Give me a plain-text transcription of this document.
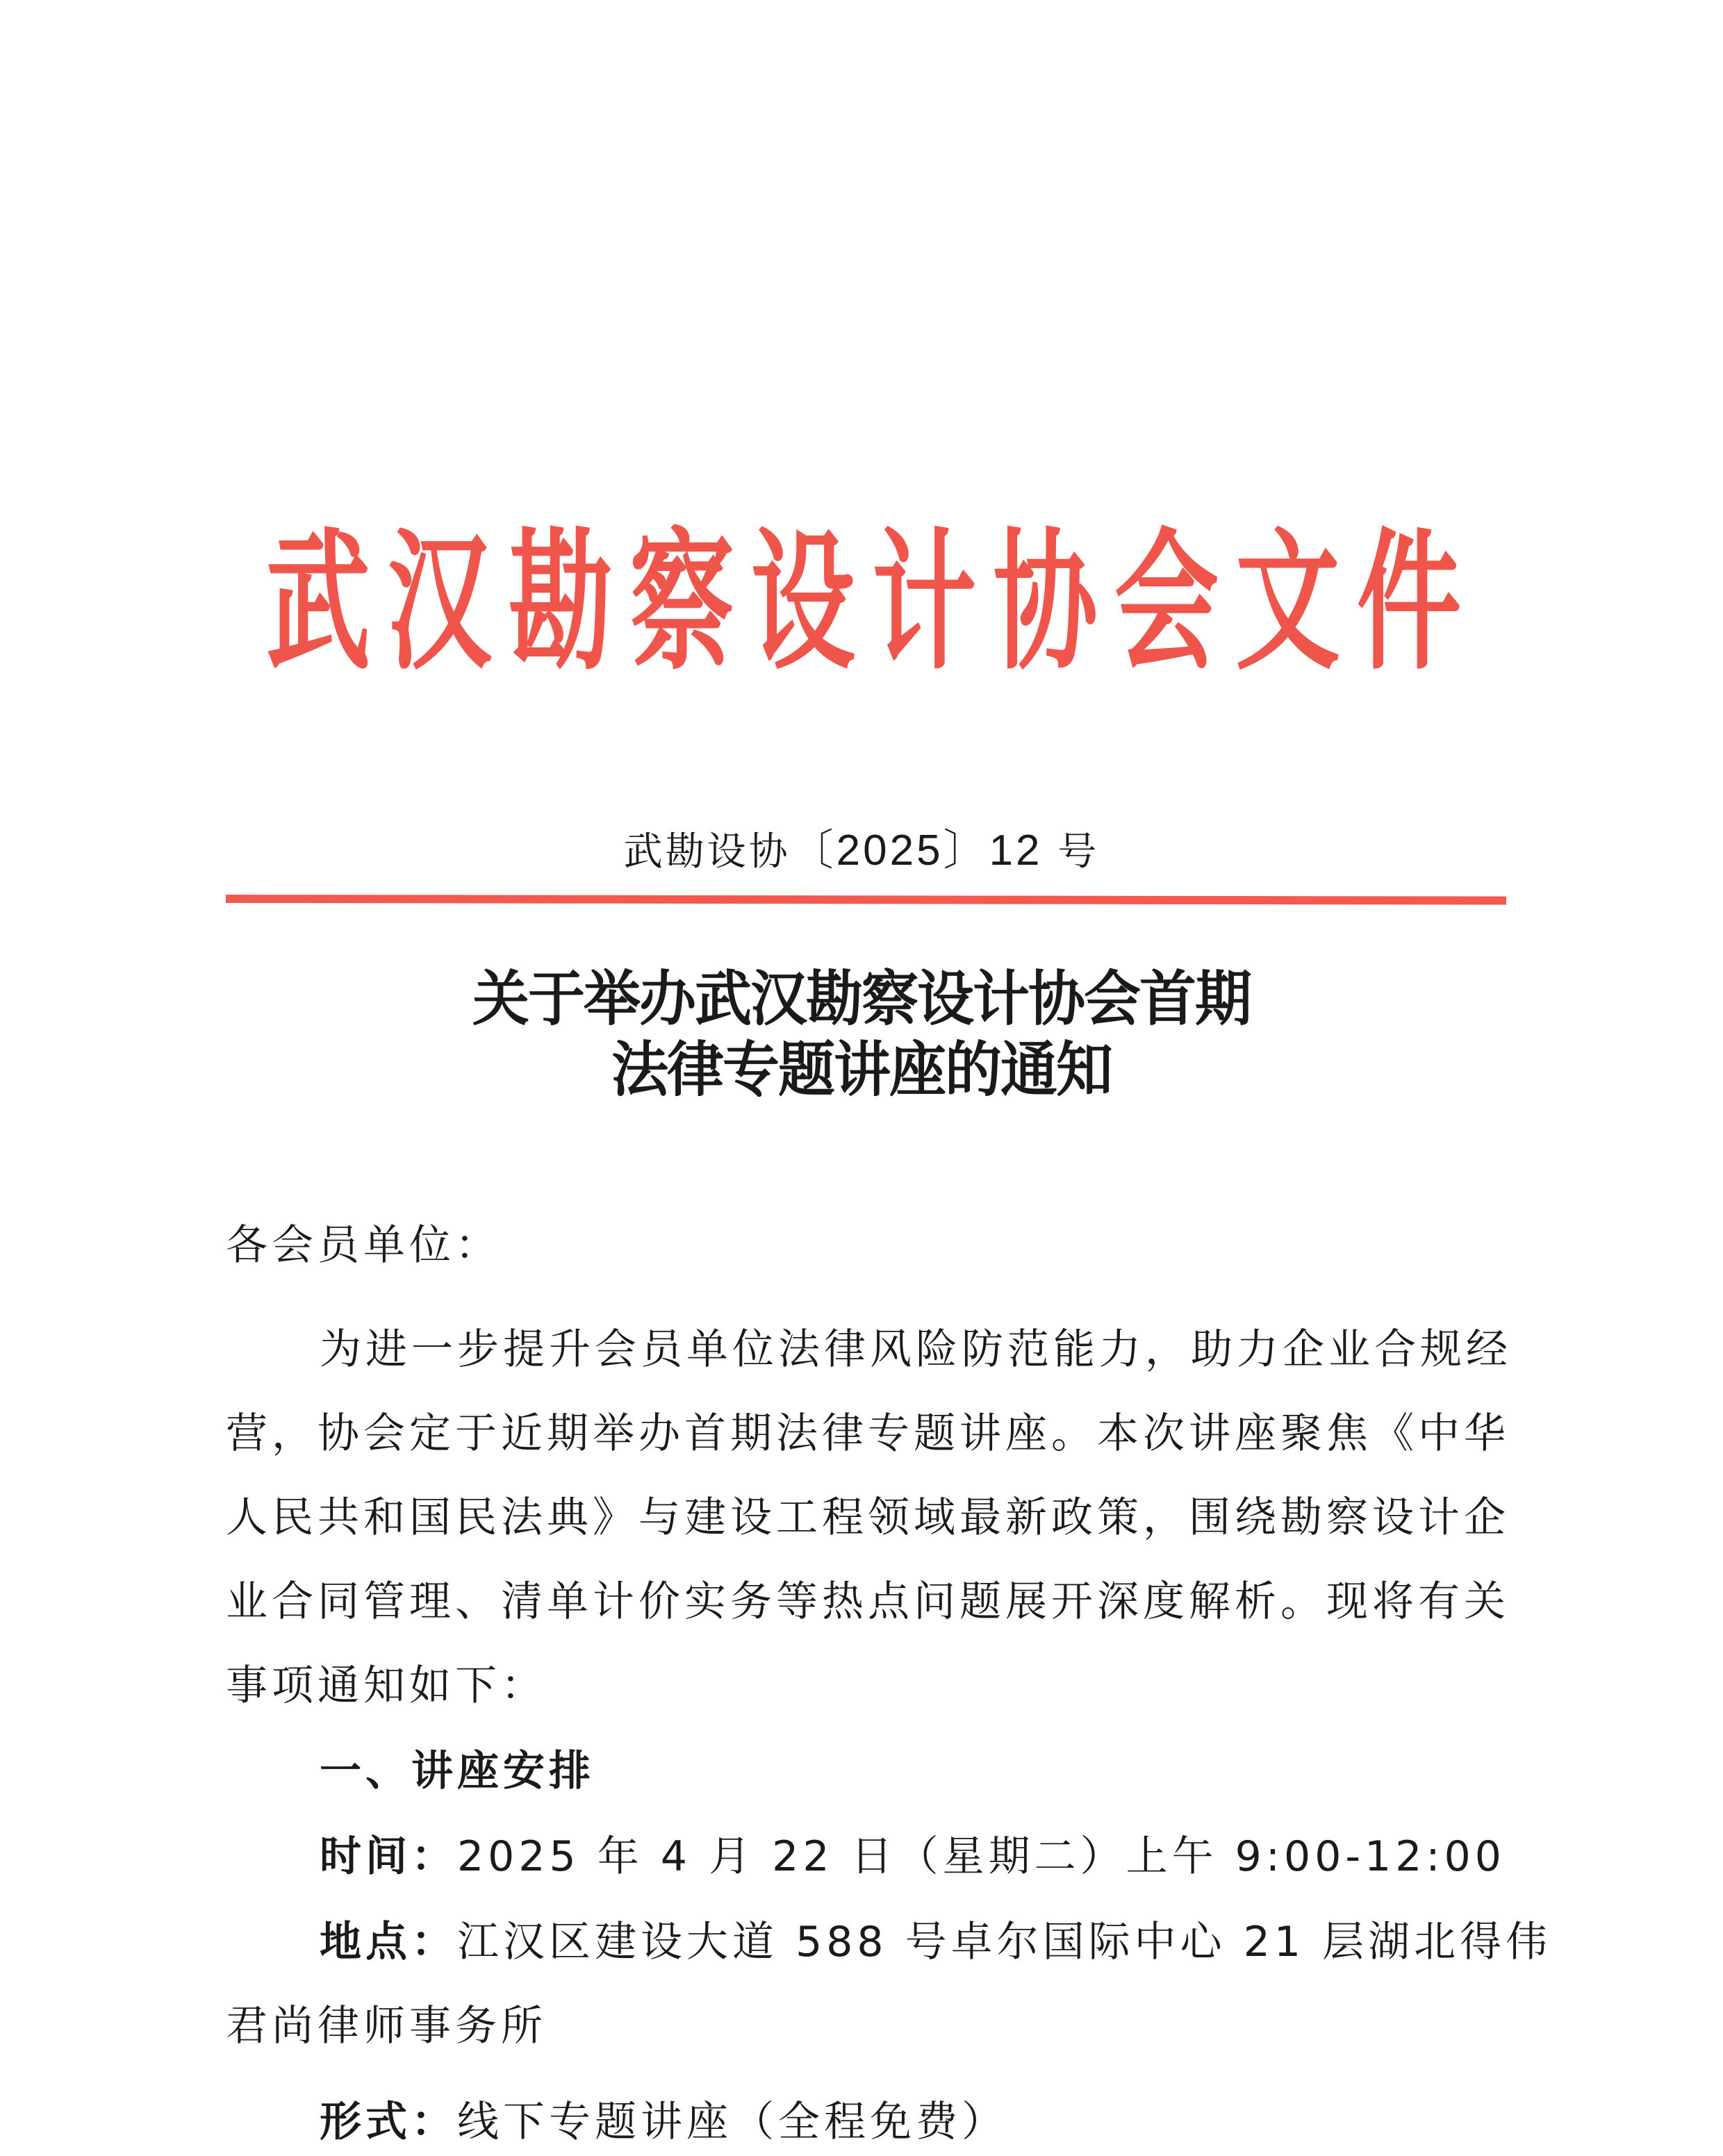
武 汉 勘 察 设 计 协 会 文 件
武勘设协〔2025〕12 号
关于举办武汉勘察设计协会首期
法律专题讲座的通知
各会员单位：
为进一步提升会员单位法律风险防范能力，助力企业合规经
营，协会定于近期举办首期法律专题讲座。本次讲座聚焦《中华
人民共和国民法典》与建设工程领域最新政策，围绕勘察设计企
业合同管理、清单计价实务等热点问题展开深度解析。现将有关
事项通知如下：
一、讲座安排
时间：2025 年 4 月 22 日（星期二）上午 9:00-12:00
地点：江汉区建设大道 588 号卓尔国际中心 21 层湖北得伟
君尚律师事务所
形式：线下专题讲座（全程免费）
